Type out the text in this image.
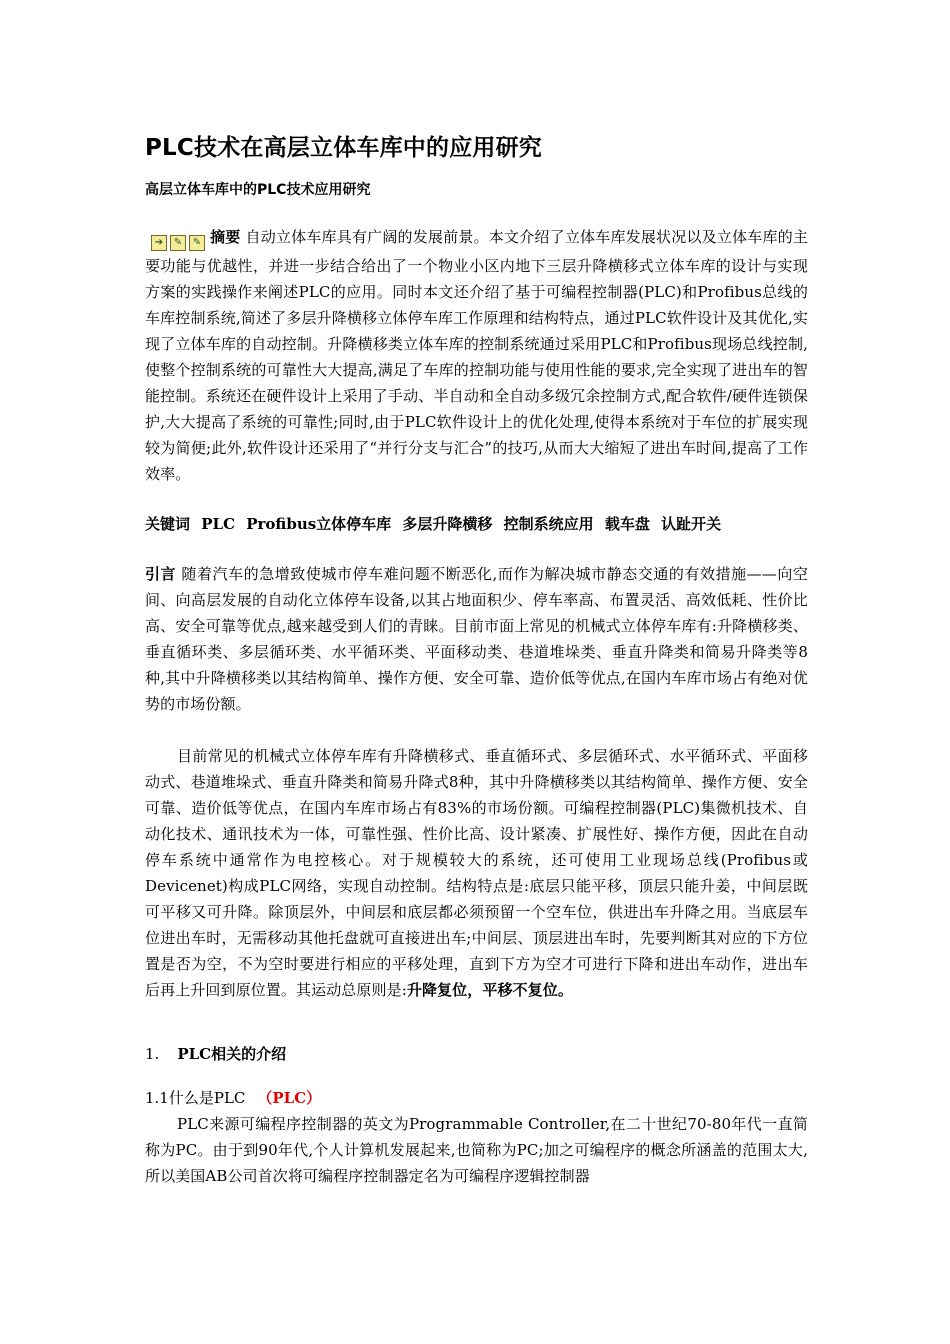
PLC技术在高层立体车库中的应用研究
高层立体车库中的PLC技术应用研究

➔ ✎ ✎ 摘要 自动立体车库具有广阔的发展前景。本文介绍了立体车库发展状况以及立体车库的主要功能与优越性，并进一步结合给出了一个物业小区内地下三层升降横移式立体车库的设计与实现方案的实践操作来阐述PLC的应用。同时本文还介绍了基于可编程控制器(PLC)和Profibus总线的车库控制系统,简述了多层升降横移立体停车库工作原理和结构特点，通过PLC软件设计及其优化,实现了立体车库的自动控制。升降横移类立体车库的控制系统通过采用PLC和Profibus现场总线控制,使整个控制系统的可靠性大大提高,满足了车库的控制功能与使用性能的要求,完全实现了进出车的智能控制。系统还在硬件设计上采用了手动、半自动和全自动多级冗余控制方式,配合软件/硬件连锁保护,大大提高了系统的可靠性;同时,由于PLC软件设计上的优化处理,使得本系统对于车位的扩展实现较为简便;此外,软件设计还采用了“并行分支与汇合”的技巧,从而大大缩短了进出车时间,提高了工作效率。

关键词 PLC Profibus立体停车库 多层升降横移 控制系统应用 载车盘 认趾开关

引言 随着汽车的急增致使城市停车难问题不断恶化,而作为解决城市静态交通的有效措施——向空间、向高层发展的自动化立体停车设备,以其占地面积少、停车率高、布置灵活、高效低耗、性价比高、安全可靠等优点,越来越受到人们的青睐。目前市面上常见的机械式立体停车库有:升降横移类、垂直循环类、多层循环类、水平循环类、平面移动类、巷道堆垛类、垂直升降类和简易升降类等8种,其中升降横移类以其结构简单、操作方便、安全可靠、造价低等优点,在国内车库市场占有绝对优势的市场份额。

目前常见的机械式立体停车库有升降横移式、垂直循环式、多层循环式、水平循环式、平面移动式、巷道堆垛式、垂直升降类和简易升降式8种，其中升降横移类以其结构简单、操作方便、安全可靠、造价低等优点，在国内车库市场占有83%的市场份额。可编程控制器(PLC)集微机技术、自动化技术、通讯技术为一体，可靠性强、性价比高、设计紧凑、扩展性好、操作方便，因此在自动停车系统中通常作为电控核心。对于规模较大的系统，还可使用工业现场总线(Profibus或Devicenet)构成PLC网络，实现自动控制。结构特点是:底层只能平移，顶层只能升姜，中间层既可平移又可升降。除顶层外，中间层和底层都必须预留一个空车位，供进出车升降之用。当底层车位进出车时，无需移动其他托盘就可直接进出车;中间层、顶层进出车时，先要判断其对应的下方位置是否为空，不为空时要进行相应的平移处理，直到下方为空才可进行下降和进出车动作，进出车后再上升回到原位置。其运动总原则是:升降复位，平移不复位。

1. PLC相关的介绍
1.1什么是PLC （PLC）

PLC来源可编程序控制器的英文为Programmable Controller,在二十世纪70-80年代一直简称为PC。由于到90年代,个人计算机发展起来,也简称为PC;加之可编程序的概念所涵盖的范围太大,所以美国AB公司首次将可编程序控制器定名为可编程序逻辑控制器
